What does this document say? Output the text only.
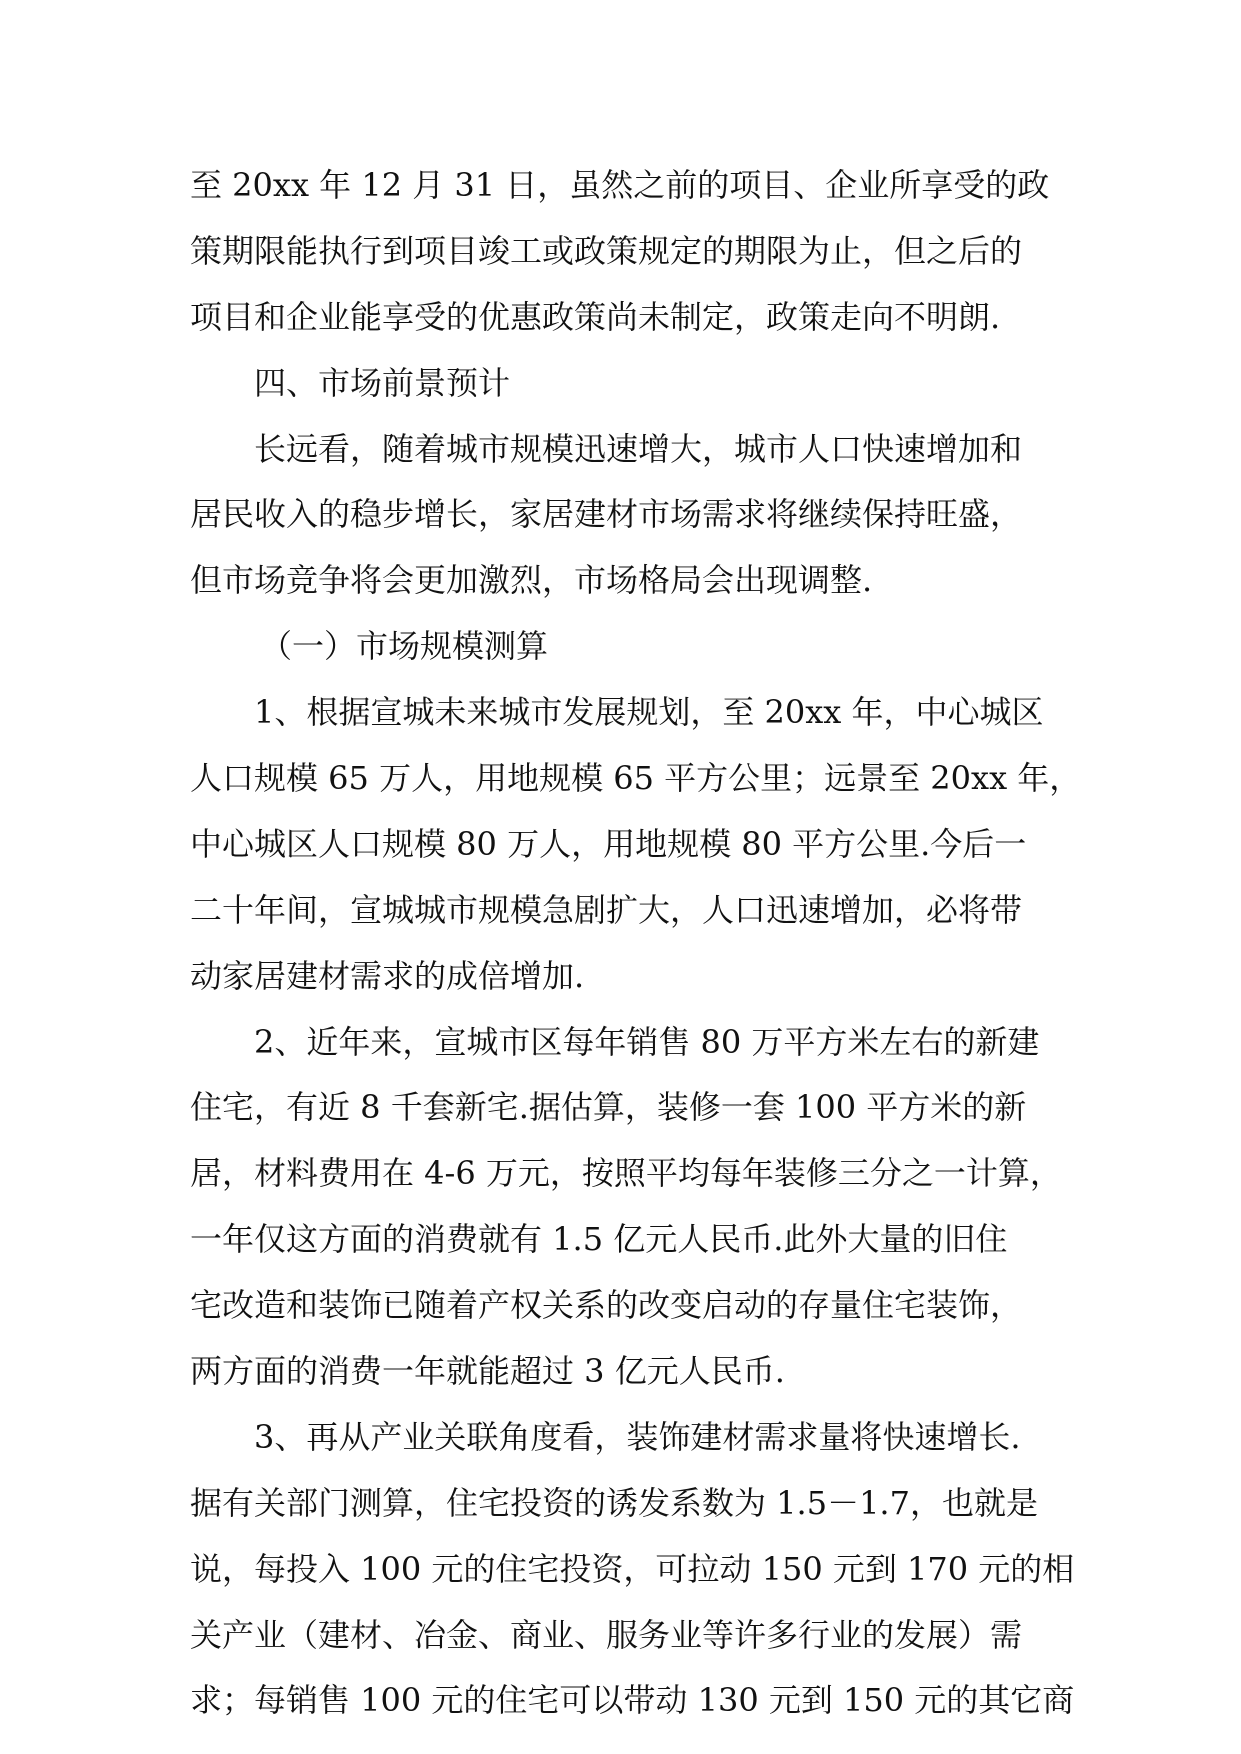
至 20xx 年 12 月 31 日，虽然之前的项目、企业所享受的政
策期限能执行到项目竣工或政策规定的期限为止，但之后的
项目和企业能享受的优惠政策尚未制定，政策走向不明朗.
四、市场前景预计
长远看，随着城市规模迅速增大，城市人口快速增加和
居民收入的稳步增长，家居建材市场需求将继续保持旺盛，
但市场竞争将会更加激烈，市场格局会出现调整.
（一）市场规模测算
1、根据宣城未来城市发展规划，至 20xx 年，中心城区
人口规模 65 万人，用地规模 65 平方公里；远景至 20xx 年，
中心城区人口规模 80 万人，用地规模 80 平方公里.今后一
二十年间，宣城城市规模急剧扩大，人口迅速增加，必将带
动家居建材需求的成倍增加.
2、近年来，宣城市区每年销售 80 万平方米左右的新建
住宅，有近 8 千套新宅.据估算，装修一套 100 平方米的新
居，材料费用在 4-6 万元，按照平均每年装修三分之一计算，
一年仅这方面的消费就有 1.5 亿元人民币.此外大量的旧住
宅改造和装饰已随着产权关系的改变启动的存量住宅装饰，
两方面的消费一年就能超过 3 亿元人民币.
3、再从产业关联角度看，装饰建材需求量将快速增长.
据有关部门测算，住宅投资的诱发系数为 1.5－1.7，也就是
说，每投入 100 元的住宅投资，可拉动 150 元到 170 元的相
关产业（建材、冶金、商业、服务业等许多行业的发展）需
求；每销售 100 元的住宅可以带动 130 元到 150 元的其它商
